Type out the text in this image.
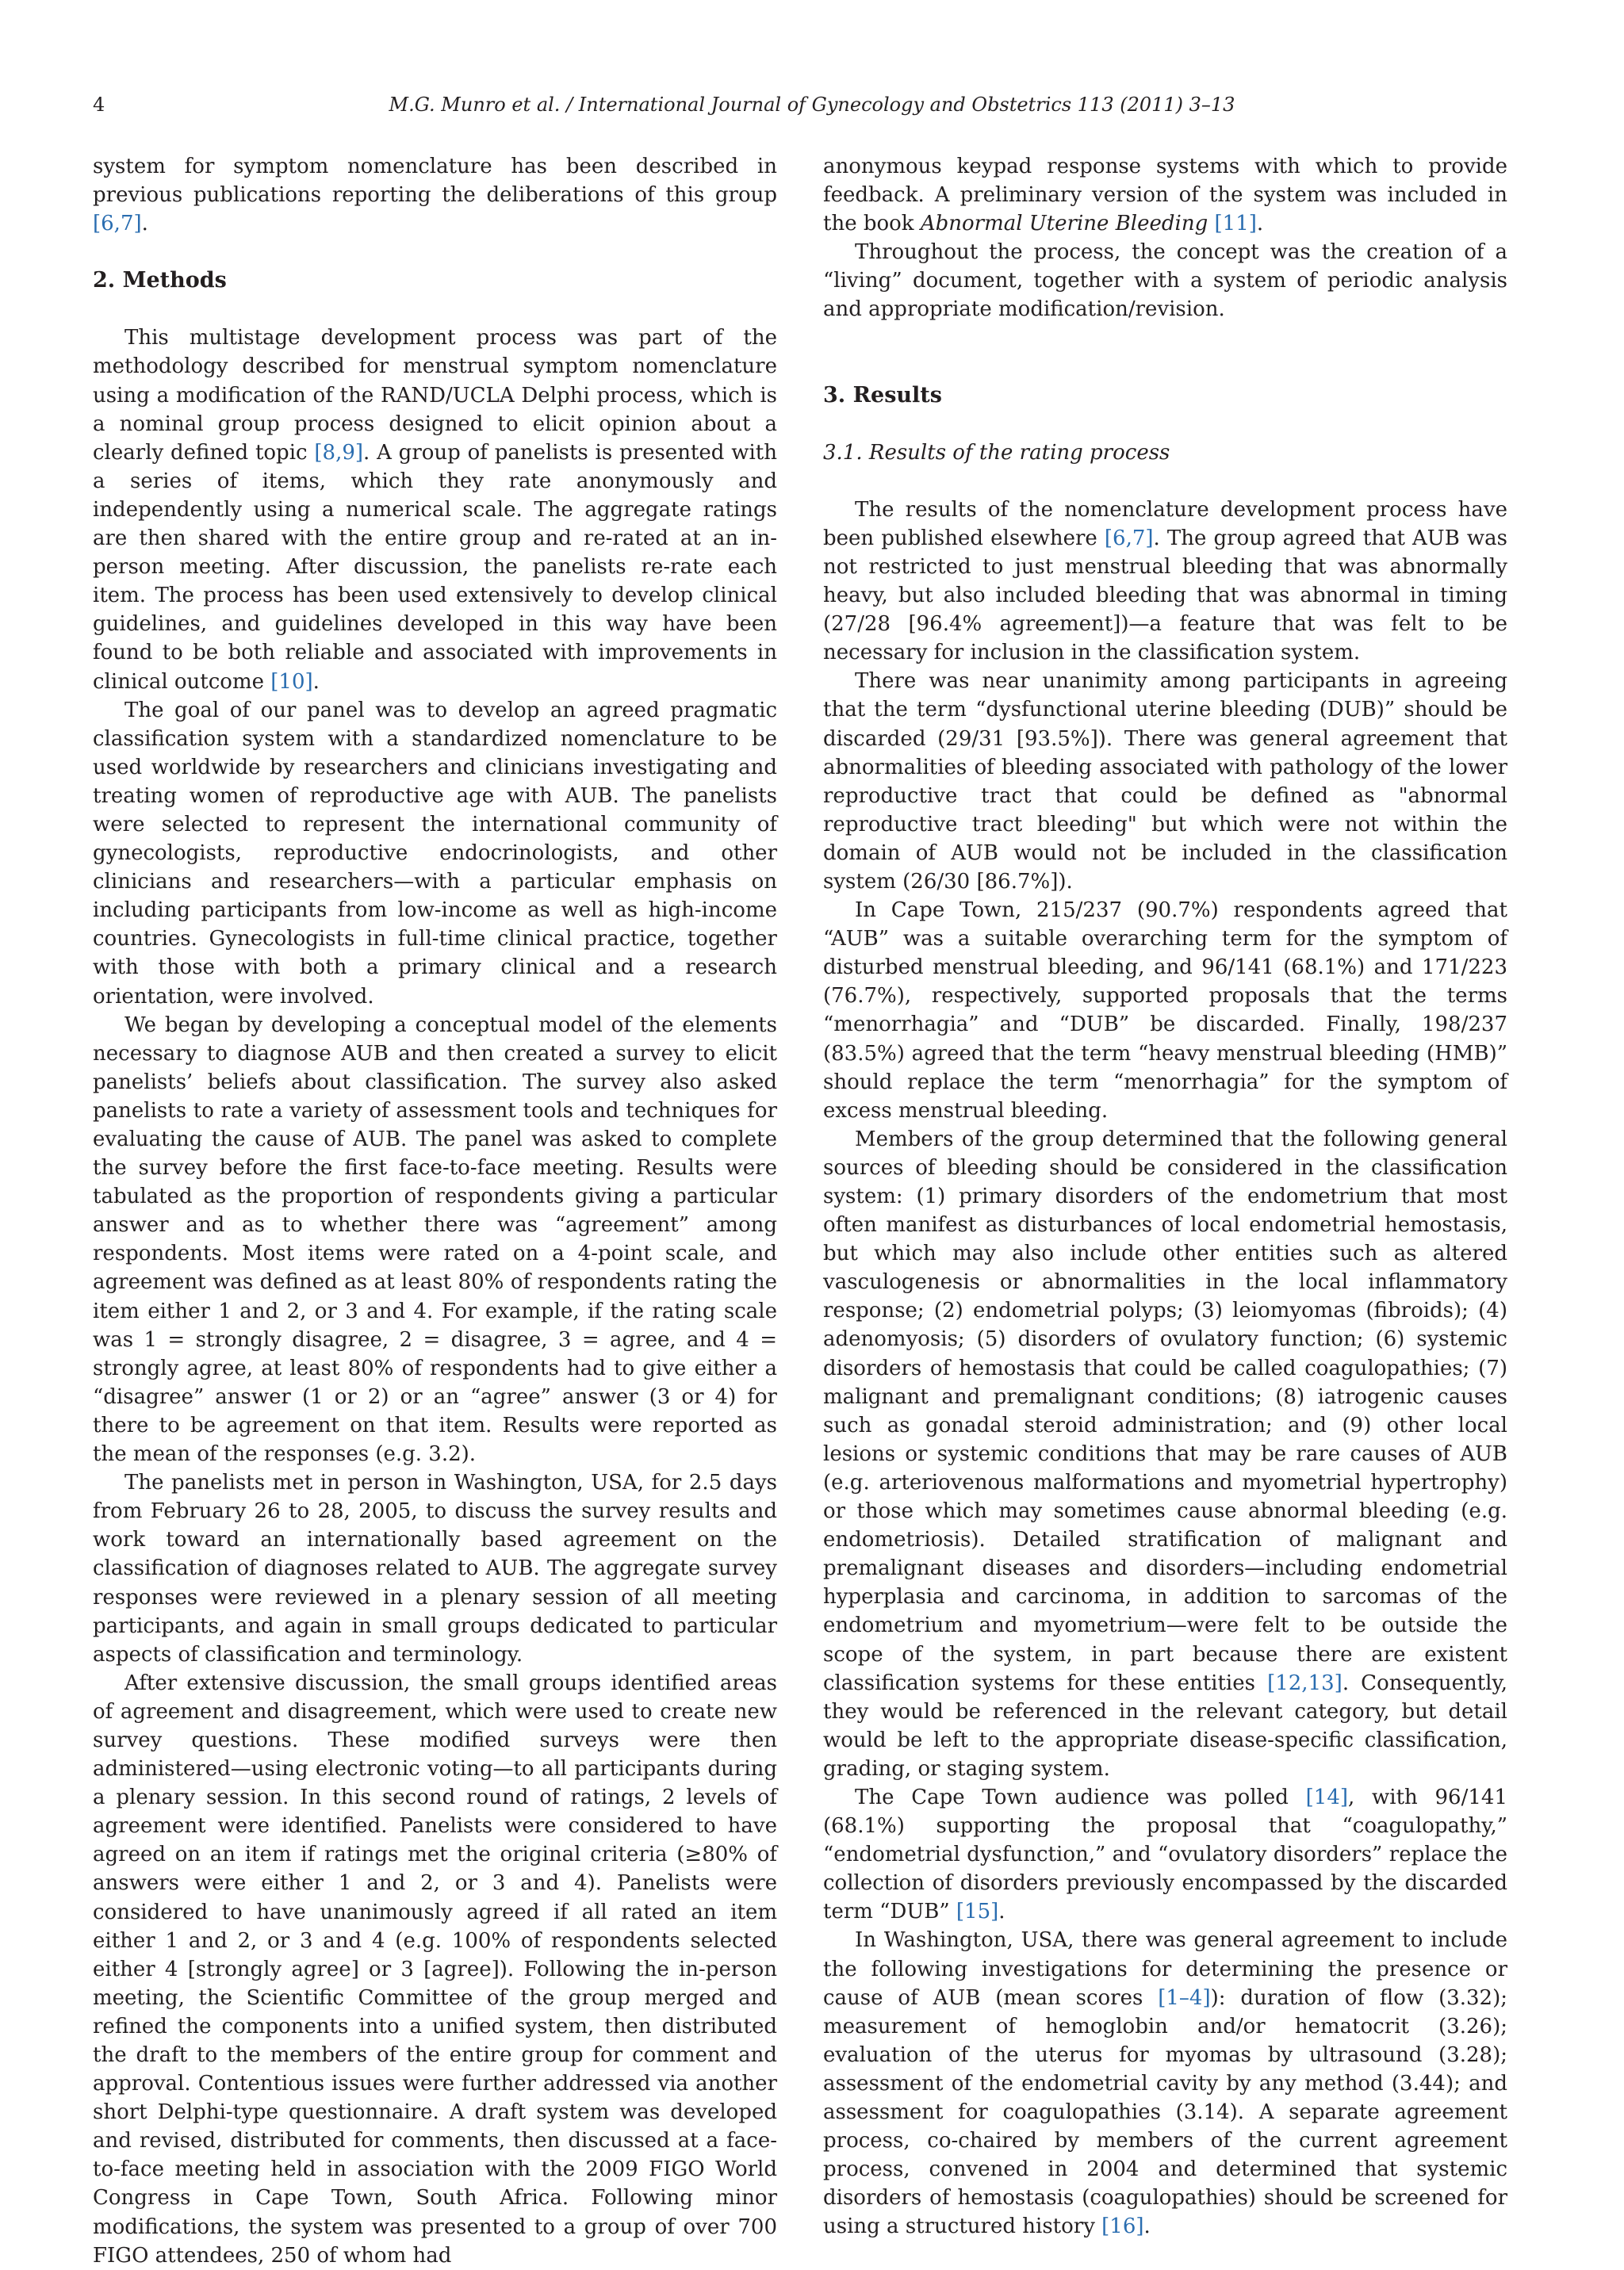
4	M.G. Munro et al. / International Journal of Gynecology and Obstetrics 113 (2011) 3–13

system for symptom nomenclature has been described in previous publications reporting the deliberations of this group [6,7].

2. Methods

This multistage development process was part of the methodology described for menstrual symptom nomenclature using a modification of the RAND/UCLA Delphi process, which is a nominal group process designed to elicit opinion about a clearly defined topic [8,9]. A group of panelists is presented with a series of items, which they rate anonymously and independently using a numerical scale. The aggregate ratings are then shared with the entire group and re-rated at an in-person meeting. After discussion, the panelists re-rate each item. The process has been used extensively to develop clinical guidelines, and guidelines developed in this way have been found to be both reliable and associated with improvements in clinical outcome [10].

The goal of our panel was to develop an agreed pragmatic classification system with a standardized nomenclature to be used worldwide by researchers and clinicians investigating and treating women of reproductive age with AUB. The panelists were selected to represent the international community of gynecologists, reproductive endocrinologists, and other clinicians and researchers—with a particular emphasis on including participants from low-income as well as high-income countries. Gynecologists in full-time clinical practice, together with those with both a primary clinical and a research orientation, were involved.

We began by developing a conceptual model of the elements necessary to diagnose AUB and then created a survey to elicit panelists’ beliefs about classification. The survey also asked panelists to rate a variety of assessment tools and techniques for evaluating the cause of AUB. The panel was asked to complete the survey before the first face-to-face meeting. Results were tabulated as the proportion of respondents giving a particular answer and as to whether there was “agreement” among respondents. Most items were rated on a 4-point scale, and agreement was defined as at least 80% of respondents rating the item either 1 and 2, or 3 and 4. For example, if the rating scale was 1 = strongly disagree, 2 = disagree, 3 = agree, and 4 = strongly agree, at least 80% of respondents had to give either a “disagree” answer (1 or 2) or an “agree” answer (3 or 4) for there to be agreement on that item. Results were reported as the mean of the responses (e.g. 3.2).

The panelists met in person in Washington, USA, for 2.5 days from February 26 to 28, 2005, to discuss the survey results and work toward an internationally based agreement on the classification of diagnoses related to AUB. The aggregate survey responses were reviewed in a plenary session of all meeting participants, and again in small groups dedicated to particular aspects of classification and terminology.

After extensive discussion, the small groups identified areas of agreement and disagreement, which were used to create new survey questions. These modified surveys were then administered—using electronic voting—to all participants during a plenary session. In this second round of ratings, 2 levels of agreement were identified. Panelists were considered to have agreed on an item if ratings met the original criteria (≥80% of answers were either 1 and 2, or 3 and 4). Panelists were considered to have unanimously agreed if all rated an item either 1 and 2, or 3 and 4 (e.g. 100% of respondents selected either 4 [strongly agree] or 3 [agree]). Following the in-person meeting, the Scientific Committee of the group merged and refined the components into a unified system, then distributed the draft to the members of the entire group for comment and approval. Contentious issues were further addressed via another short Delphi-type questionnaire. A draft system was developed and revised, distributed for comments, then discussed at a face-to-face meeting held in association with the 2009 FIGO World Congress in Cape Town, South Africa. Following minor modifications, the system was presented to a group of over 700 FIGO attendees, 250 of whom had

anonymous keypad response systems with which to provide feedback. A preliminary version of the system was included in the book Abnormal Uterine Bleeding [11].

Throughout the process, the concept was the creation of a “living” document, together with a system of periodic analysis and appropriate modification/revision.

3. Results
3.1. Results of the rating process

The results of the nomenclature development process have been published elsewhere [6,7]. The group agreed that AUB was not restricted to just menstrual bleeding that was abnormally heavy, but also included bleeding that was abnormal in timing (27/28 [96.4% agreement])—a feature that was felt to be necessary for inclusion in the classification system.

There was near unanimity among participants in agreeing that the term “dysfunctional uterine bleeding (DUB)” should be discarded (29/31 [93.5%]). There was general agreement that abnormalities of bleeding associated with pathology of the lower reproductive tract that could be defined as "abnormal reproductive tract bleeding" but which were not within the domain of AUB would not be included in the classification system (26/30 [86.7%]).

In Cape Town, 215/237 (90.7%) respondents agreed that “AUB” was a suitable overarching term for the symptom of disturbed menstrual bleeding, and 96/141 (68.1%) and 171/223 (76.7%), respectively, supported proposals that the terms “menorrhagia” and “DUB” be discarded. Finally, 198/237 (83.5%) agreed that the term “heavy menstrual bleeding (HMB)” should replace the term “menorrhagia” for the symptom of excess menstrual bleeding.

Members of the group determined that the following general sources of bleeding should be considered in the classification system: (1) primary disorders of the endometrium that most often manifest as disturbances of local endometrial hemostasis, but which may also include other entities such as altered vasculogenesis or abnormalities in the local inflammatory response; (2) endometrial polyps; (3) leiomyomas (fibroids); (4) adenomyosis; (5) disorders of ovulatory function; (6) systemic disorders of hemostasis that could be called coagulopathies; (7) malignant and premalignant conditions; (8) iatrogenic causes such as gonadal steroid administration; and (9) other local lesions or systemic conditions that may be rare causes of AUB (e.g. arteriovenous malformations and myometrial hypertrophy) or those which may sometimes cause abnormal bleeding (e.g. endometriosis). Detailed stratification of malignant and premalignant diseases and disorders—including endometrial hyperplasia and carcinoma, in addition to sarcomas of the endometrium and myometrium—were felt to be outside the scope of the system, in part because there are existent classification systems for these entities [12,13]. Consequently, they would be referenced in the relevant category, but detail would be left to the appropriate disease-specific classification, grading, or staging system.

The Cape Town audience was polled [14], with 96/141 (68.1%) supporting the proposal that “coagulopathy,” “endometrial dysfunction,” and “ovulatory disorders” replace the collection of disorders previously encompassed by the discarded term “DUB” [15].

In Washington, USA, there was general agreement to include the following investigations for determining the presence or cause of AUB (mean scores [1–4]): duration of flow (3.32); measurement of hemoglobin and/or hematocrit (3.26); evaluation of the uterus for myomas by ultrasound (3.28); assessment of the endometrial cavity by any method (3.44); and assessment for coagulopathies (3.14). A separate agreement process, co-chaired by members of the current agreement process, convened in 2004 and determined that systemic disorders of hemostasis (coagulopathies) should be screened for using a structured history [16].
